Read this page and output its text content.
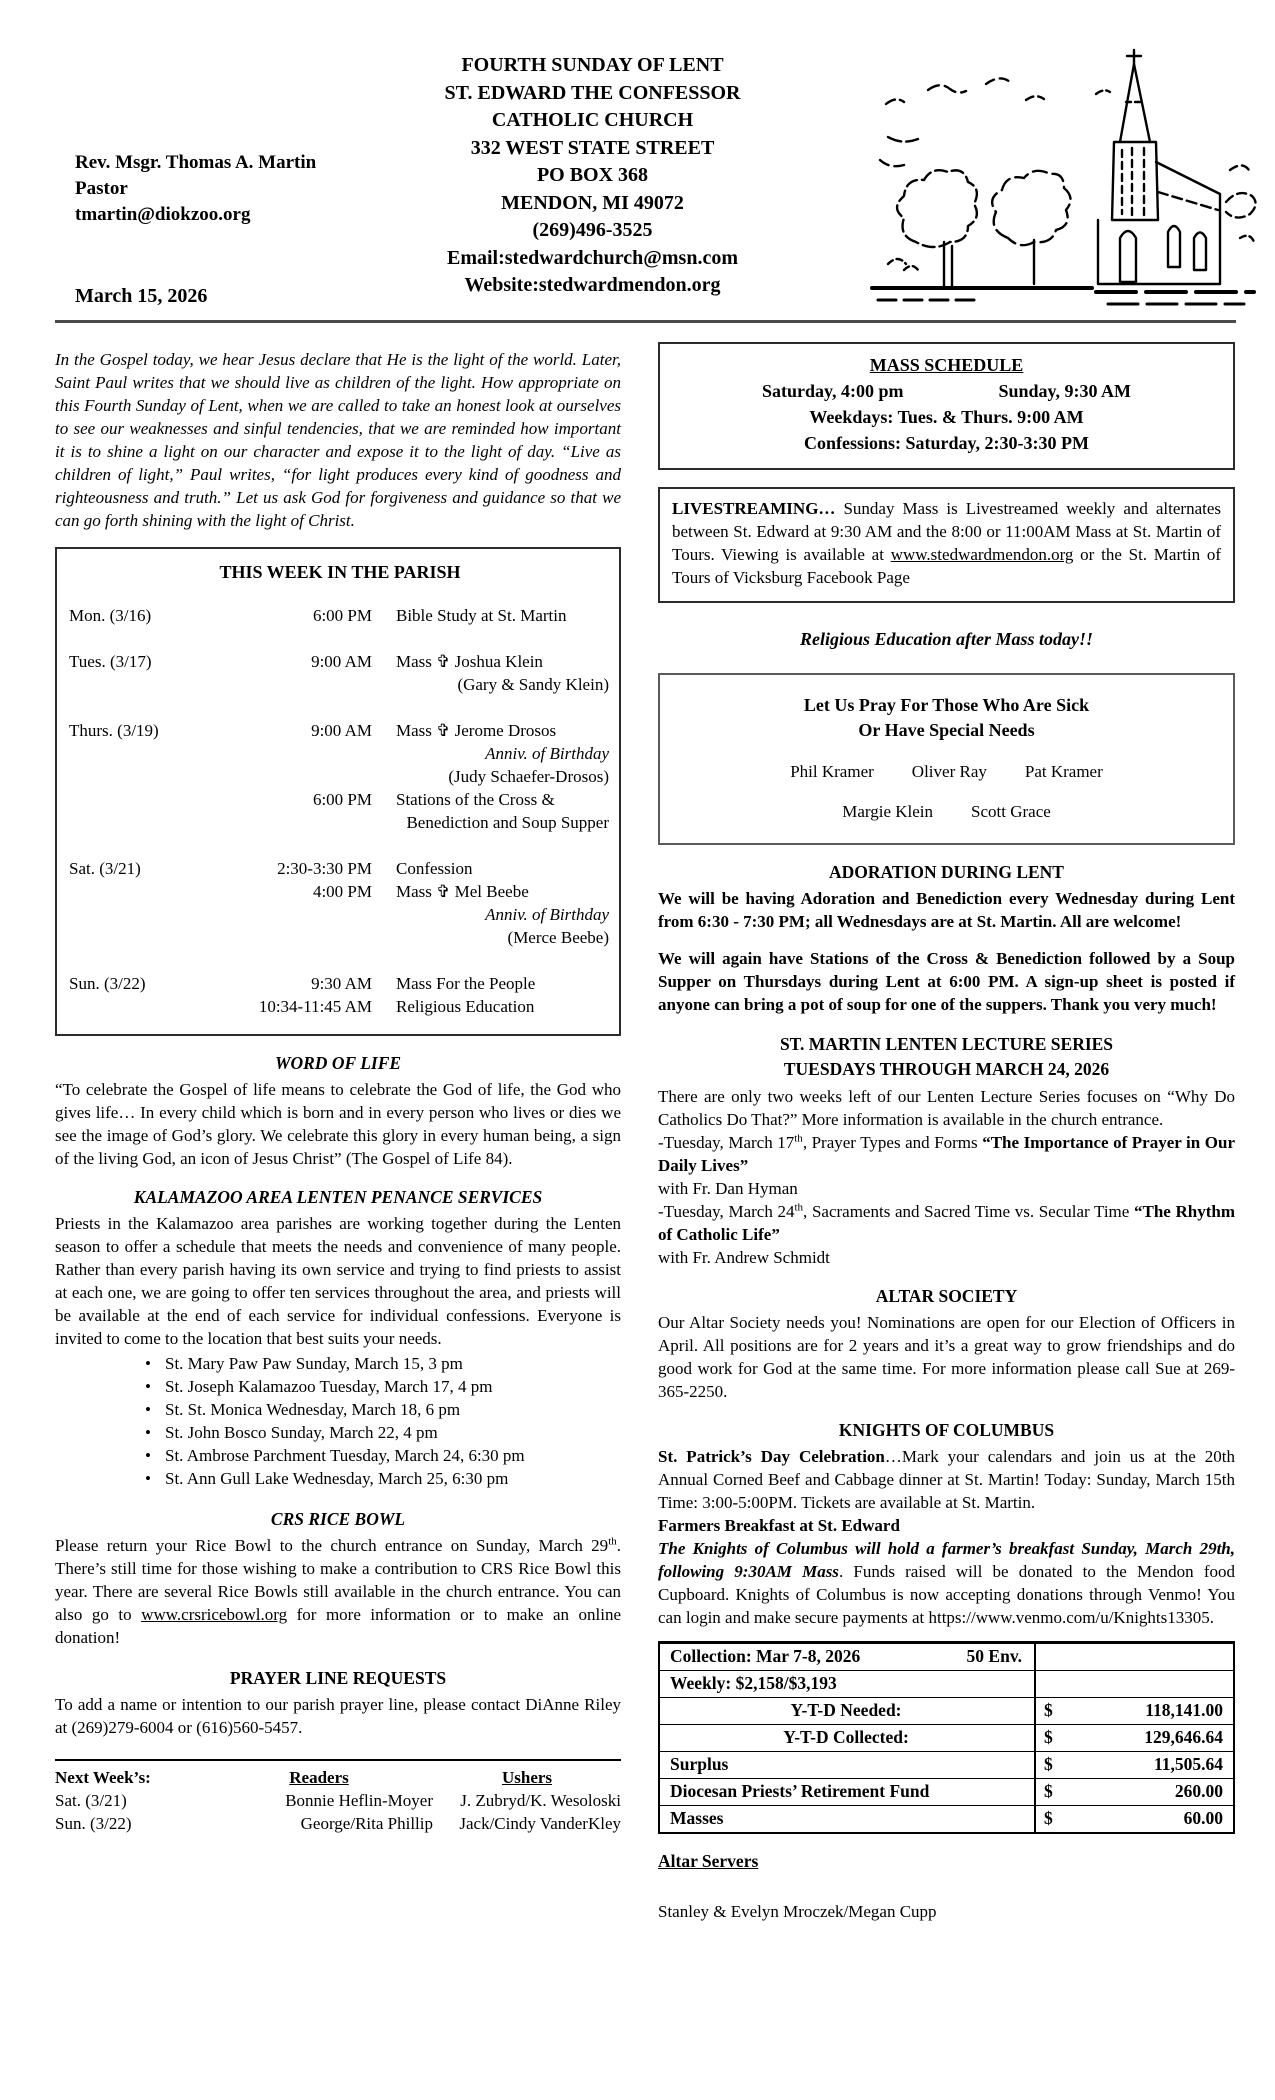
Rev. Msgr. Thomas A. Martin
Pastor
tmartin@diokzoo.org
March 15, 2026
FOURTH SUNDAY OF LENT
ST. EDWARD THE CONFESSOR
CATHOLIC CHURCH
332 WEST STATE STREET
PO BOX 368
MENDON, MI 49072
(269)496-3525
Email:stedwardchurch@msn.com
Website:stedwardmendon.org

In the Gospel today, we hear Jesus declare that He is the light of the world. Later, Saint Paul writes that we should live as children of the light. How appropriate on this Fourth Sunday of Lent, when we are called to take an honest look at ourselves to see our weaknesses and sinful tendencies, that we are reminded how important it is to shine a light on our character and expose it to the light of day. “Live as children of light,” Paul writes, “for light produces every kind of goodness and righteousness and truth.” Let us ask God for forgiveness and guidance so that we can go forth shining with the light of Christ.

THIS WEEK IN THE PARISH
Mon. (3/16)	6:00 PM	Bible Study at St. Martin
Tues. (3/17)	9:00 AM	Mass ✞ Joshua Klein
(Gary & Sandy Klein)
Thurs. (3/19)	9:00 AM	Mass ✞ Jerome Drosos
Anniv. of Birthday
(Judy Schaefer-Drosos)
6:00 PM	Stations of the Cross &
Benediction and Soup Supper
Sat. (3/21)	2:30-3:30 PM	Confession
4:00 PM	Mass ✞ Mel Beebe
Anniv. of Birthday
(Merce Beebe)
Sun. (3/22)	9:30 AM	Mass For the People
10:34-11:45 AM	Religious Education
WORD OF LIFE

“To celebrate the Gospel of life means to celebrate the God of life, the God who gives life… In every child which is born and in every person who lives or dies we see the image of God’s glory. We celebrate this glory in every human being, a sign of the living God, an icon of Jesus Christ” (The Gospel of Life 84).

KALAMAZOO AREA LENTEN PENANCE SERVICES

Priests in the Kalamazoo area parishes are working together during the Lenten season to offer a schedule that meets the needs and convenience of many people. Rather than every parish having its own service and trying to find priests to assist at each one, we are going to offer ten services throughout the area, and priests will be available at the end of each service for individual confessions. Everyone is invited to come to the location that best suits your needs.

• St. Mary Paw Paw Sunday, March 15, 3 pm
• St. Joseph Kalamazoo Tuesday, March 17, 4 pm
• St. St. Monica Wednesday, March 18, 6 pm
• St. John Bosco Sunday, March 22, 4 pm
• St. Ambrose Parchment Tuesday, March 24, 6:30 pm
• St. Ann Gull Lake Wednesday, March 25, 6:30 pm
CRS RICE BOWL

Please return your Rice Bowl to the church entrance on Sunday, March 29th. There’s still time for those wishing to make a contribution to CRS Rice Bowl this year. There are several Rice Bowls still available in the church entrance. You can also go to www.crsricebowl.org for more information or to make an online donation!

PRAYER LINE REQUESTS

To add a name or intention to our parish prayer line, please contact DiAnne Riley at (269)279-6004 or (616)560-5457.

Next Week’s:	Readers	Ushers
Sat. (3/21)	Bonnie Heflin-Moyer	J. Zubryd/K. Wesoloski
Sun. (3/22)	George/Rita Phillip	Jack/Cindy VanderKley
MASS SCHEDULE
Saturday, 4:00 pm	Sunday, 9:30 AM
Weekdays: Tues. & Thurs. 9:00 AM
Confessions: Saturday, 2:30-3:30 PM

LIVESTREAMING… Sunday Mass is Livestreamed weekly and alternates between St. Edward at 9:30 AM and the 8:00 or 11:00AM Mass at St. Martin of Tours. Viewing is available at www.stedwardmendon.org or the St. Martin of Tours of Vicksburg Facebook Page

Religious Education after Mass today!!

Let Us Pray For Those Who Are Sick
Or Have Special Needs
Phil Kramer Oliver Ray Pat Kramer
Margie Klein Scott Grace
ADORATION DURING LENT

We will be having Adoration and Benediction every Wednesday during Lent from 6:30 - 7:30 PM; all Wednesdays are at St. Martin. All are welcome!

We will again have Stations of the Cross & Benediction followed by a Soup Supper on Thursdays during Lent at 6:00 PM. A sign-up sheet is posted if anyone can bring a pot of soup for one of the suppers. Thank you very much!

ST. MARTIN LENTEN LECTURE SERIES
TUESDAYS THROUGH MARCH 24, 2026

There are only two weeks left of our Lenten Lecture Series focuses on “Why Do Catholics Do That?” More information is available in the church entrance.

-Tuesday, March 17th, Prayer Types and Forms “The Importance of Prayer in Our Daily Lives”

with Fr. Dan Hyman

-Tuesday, March 24th, Sacraments and Sacred Time vs. Secular Time “The Rhythm of Catholic Life”

with Fr. Andrew Schmidt

ALTAR SOCIETY

Our Altar Society needs you! Nominations are open for our Election of Officers in April. All positions are for 2 years and it’s a great way to grow friendships and do good work for God at the same time. For more information please call Sue at 269-365-2250.

KNIGHTS OF COLUMBUS

St. Patrick’s Day Celebration…Mark your calendars and join us at the 20th Annual Corned Beef and Cabbage dinner at St. Martin! Today: Sunday, March 15th Time: 3:00-5:00PM. Tickets are available at St. Martin.

Farmers Breakfast at St. Edward

The Knights of Columbus will hold a farmer’s breakfast Sunday, March 29th, following 9:30AM Mass. Funds raised will be donated to the Mendon food Cupboard. Knights of Columbus is now accepting donations through Venmo! You can login and make secure payments at https://www.venmo.com/u/Knights13305.

Collection: Mar 7-8, 2026	50 Env.
Weekly: $2,158/$3,193
Y-T-D Needed:	$	118,141.00
Y-T-D Collected:	$	129,646.64
Surplus	$	11,505.64
Diocesan Priests’ Retirement Fund	$	260.00
Masses	$	60.00
Altar Servers

Stanley & Evelyn Mroczek/Megan Cupp
